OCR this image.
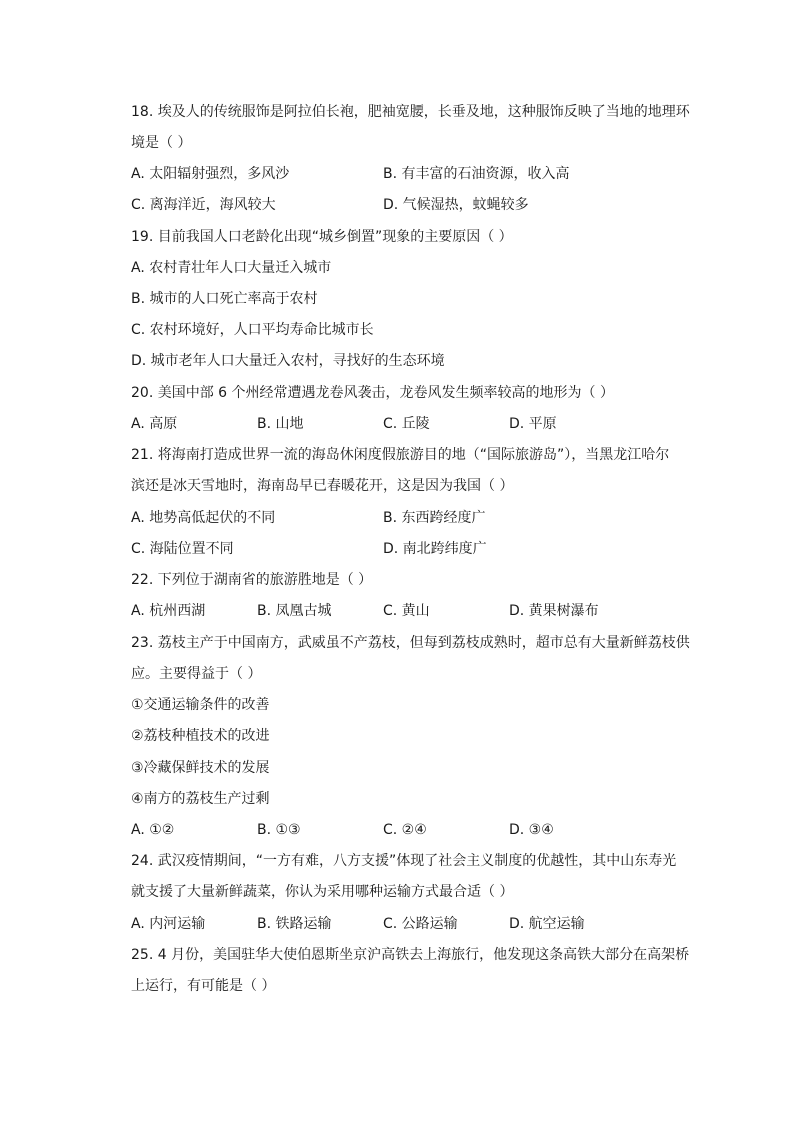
18. 埃及人的传统服饰是阿拉伯长袍，肥袖宽腰，长垂及地，这种服饰反映了当地的地理环
境是（ ）
A. 太阳辐射强烈，多风沙	B. 有丰富的石油资源，收入高
C. 离海洋近，海风较大	D. 气候湿热，蚊蝇较多
19. 目前我国人口老龄化出现“城乡倒置”现象的主要原因（ ）
A. 农村青壮年人口大量迁入城市
B. 城市的人口死亡率高于农村
C. 农村环境好，人口平均寿命比城市长
D. 城市老年人口大量迁入农村，寻找好的生态环境
20. 美国中部 6 个州经常遭遇龙卷风袭击，龙卷风发生频率较高的地形为（ ）
A. 高原	B. 山地	C. 丘陵	D. 平原
21. 将海南打造成世界一流的海岛休闲度假旅游目的地（“国际旅游岛”），当黑龙江哈尔
滨还是冰天雪地时，海南岛早已春暖花开，这是因为我国（ ）
A. 地势高低起伏的不同	B. 东西跨经度广
C. 海陆位置不同	D. 南北跨纬度广
22. 下列位于湖南省的旅游胜地是（ ）
A. 杭州西湖	B. 凤凰古城	C. 黄山	D. 黄果树瀑布
23. 荔枝主产于中国南方，武威虽不产荔枝，但每到荔枝成熟时，超市总有大量新鲜荔枝供
应。主要得益于（ ）
①交通运输条件的改善
②荔枝种植技术的改进
③冷藏保鲜技术的发展
④南方的荔枝生产过剩
A. ①②	B. ①③	C. ②④	D. ③④
24. 武汉疫情期间，“一方有难，八方支援”体现了社会主义制度的优越性，其中山东寿光
就支援了大量新鲜蔬菜，你认为采用哪种运输方式最合适（ ）
A. 内河运输	B. 铁路运输	C. 公路运输	D. 航空运输
25. 4 月份，美国驻华大使伯恩斯坐京沪高铁去上海旅行，他发现这条高铁大部分在高架桥
上运行，有可能是（ ）
